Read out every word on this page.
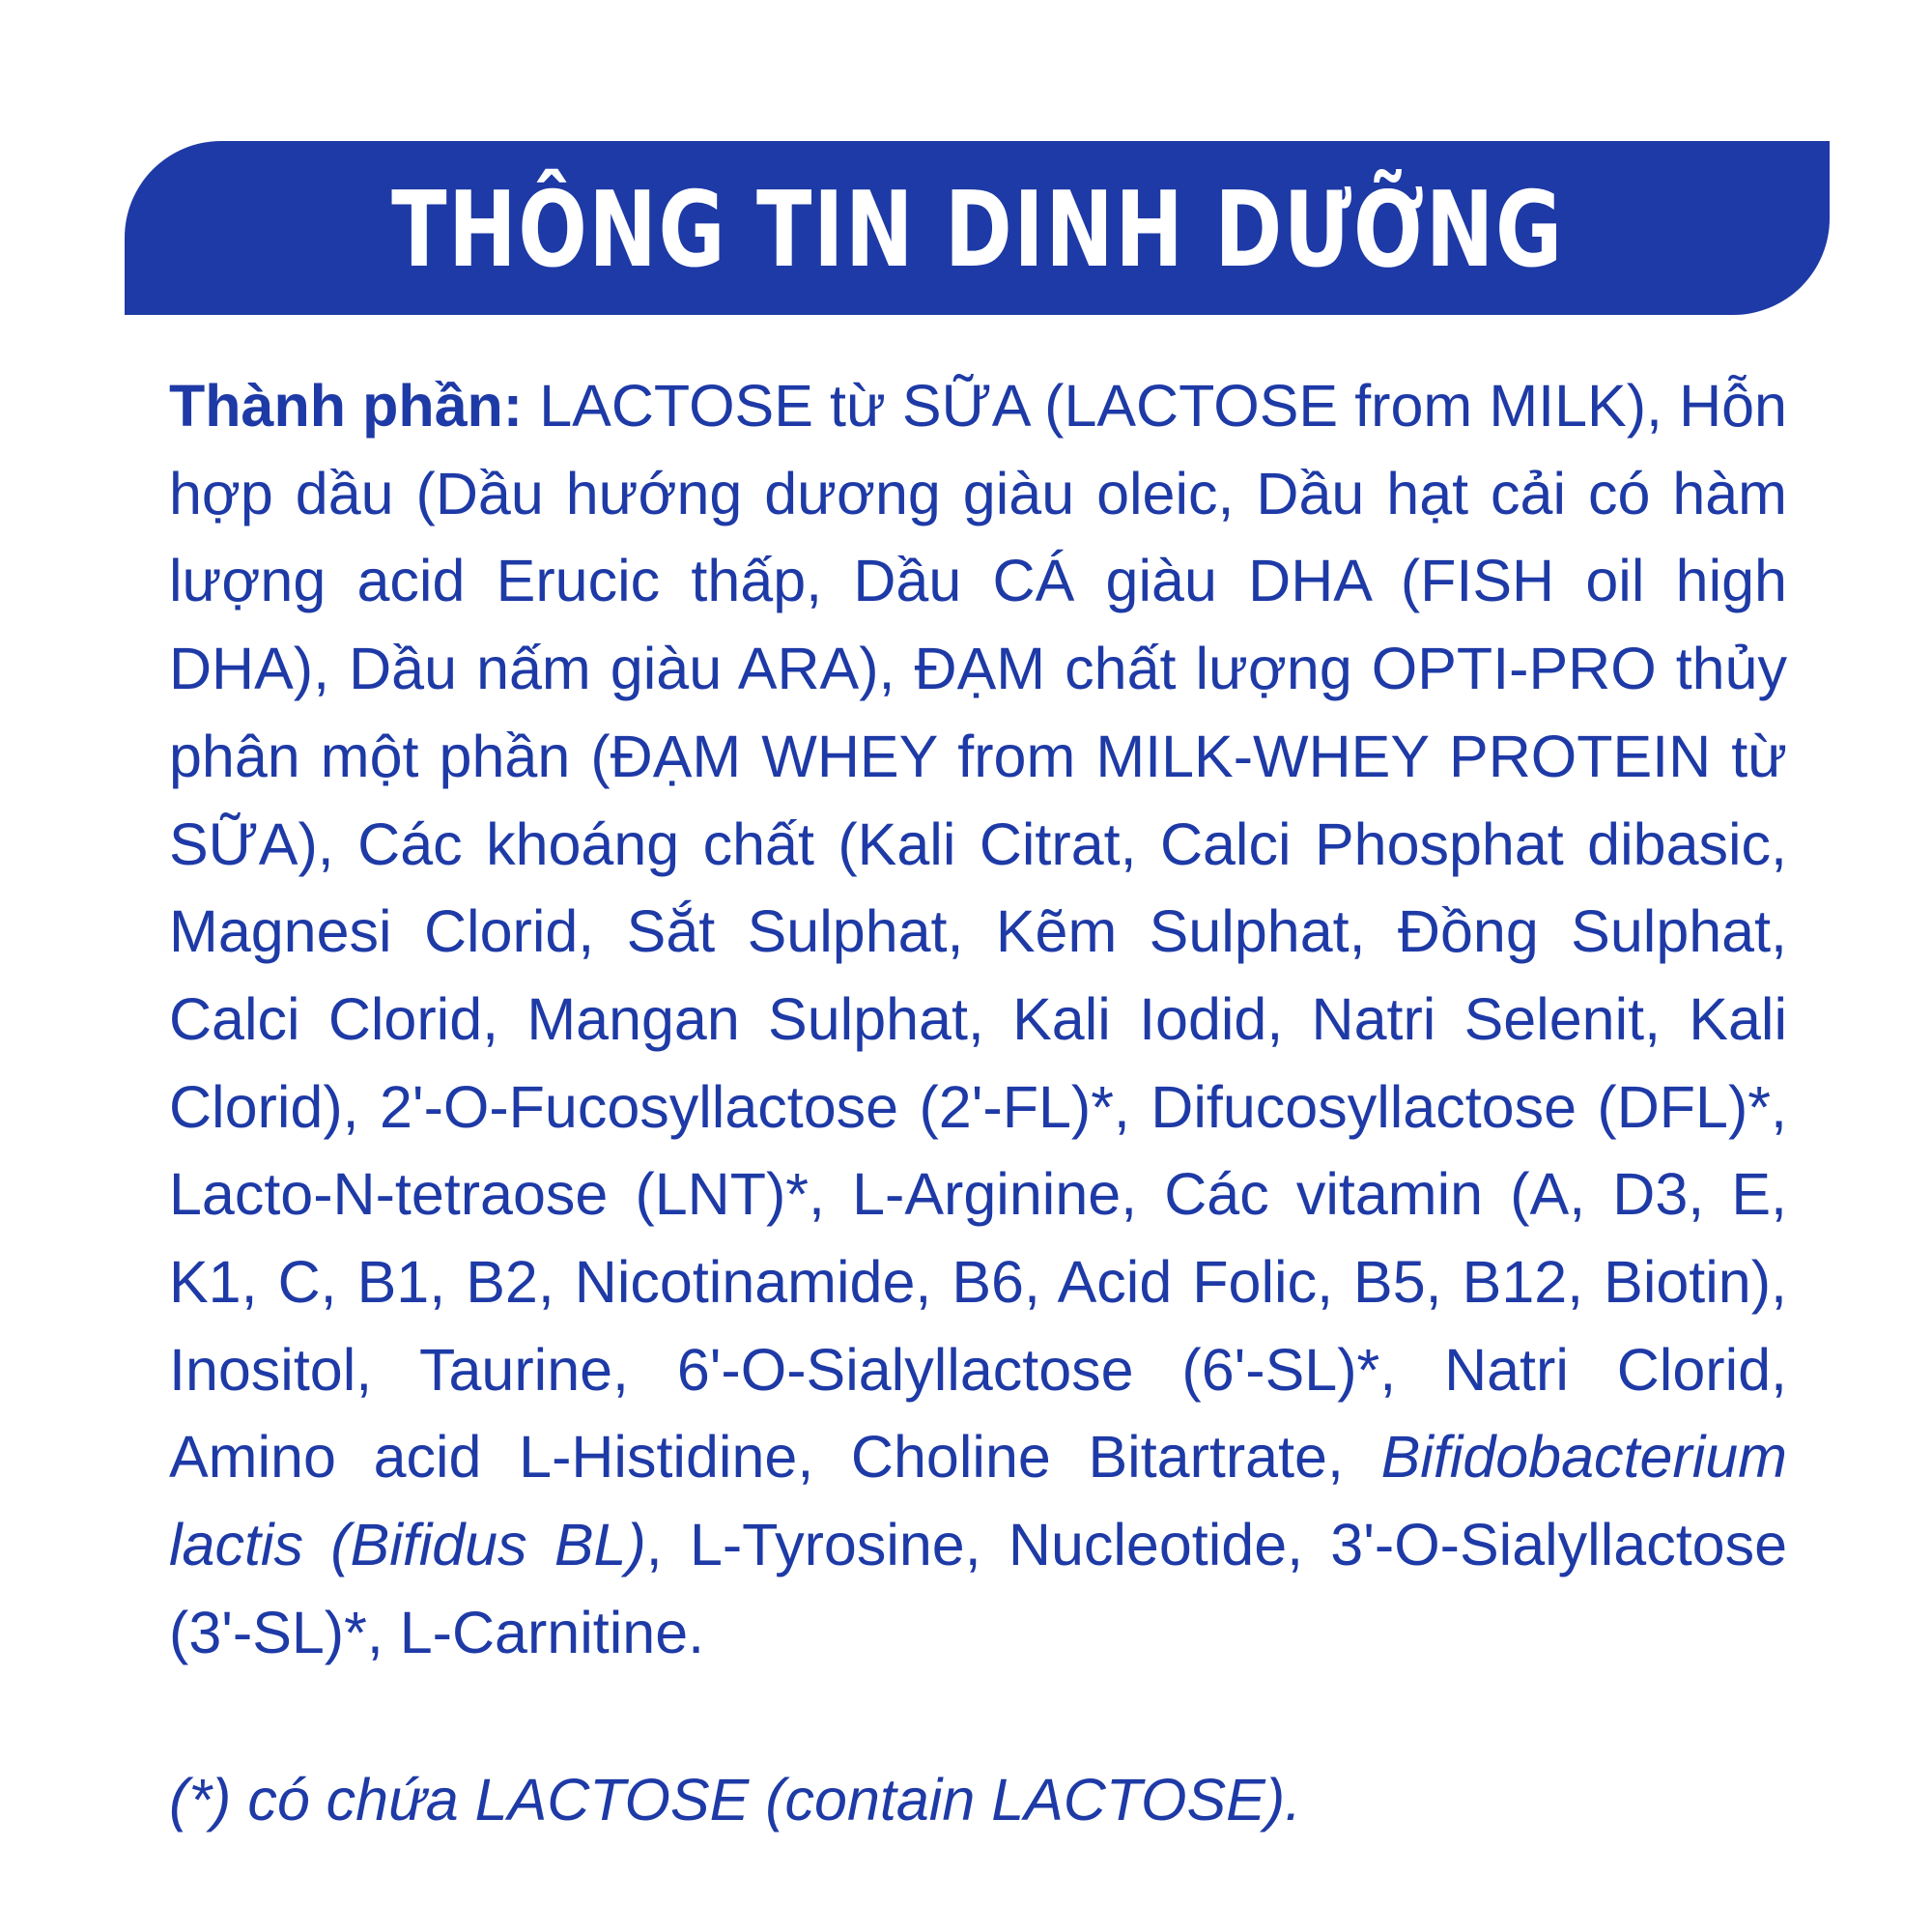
THÔNG TIN DINH DƯỠNG
Thành phần: LACTOSE từ SỮA (LACTOSE from MILK), Hỗn hợp dầu (Dầu hướng dương giàu oleic, Dầu hạt cải có hàm lượng acid Erucic thấp, Dầu CÁ giàu DHA (FISH oil high DHA), Dầu nấm giàu ARA), ĐẠM chất lượng OPTI-PRO thủy phân một phần (ĐẠM WHEY from MILK-WHEY PROTEIN từ SỮA), Các khoáng chất (Kali Citrat, Calci Phosphat dibasic, Magnesi Clorid, Sắt Sulphat, Kẽm Sulphat, Đồng Sulphat, Calci Clorid, Mangan Sulphat, Kali Iodid, Natri Selenit, Kali Clorid), 2'-O-Fucosyllactose (2'-FL)*, Difucosyllactose (DFL)*, Lacto-N-tetraose (LNT)*, L-Arginine, Các vitamin (A, D3, E, K1, C, B1, B2, Nicotinamide, B6, Acid Folic, B5, B12, Biotin), Inositol, Taurine, 6'-O-Sialyllactose (6'-SL)*, Natri Clorid, Amino acid L-Histidine, Choline Bitartrate, Bifidobacterium lactis (Bifidus BL), L-Tyrosine, Nucleotide, 3'-O-Sialyllactose (3'-SL)*, L-Carnitine.
(*) có chứa LACTOSE (contain LACTOSE).
